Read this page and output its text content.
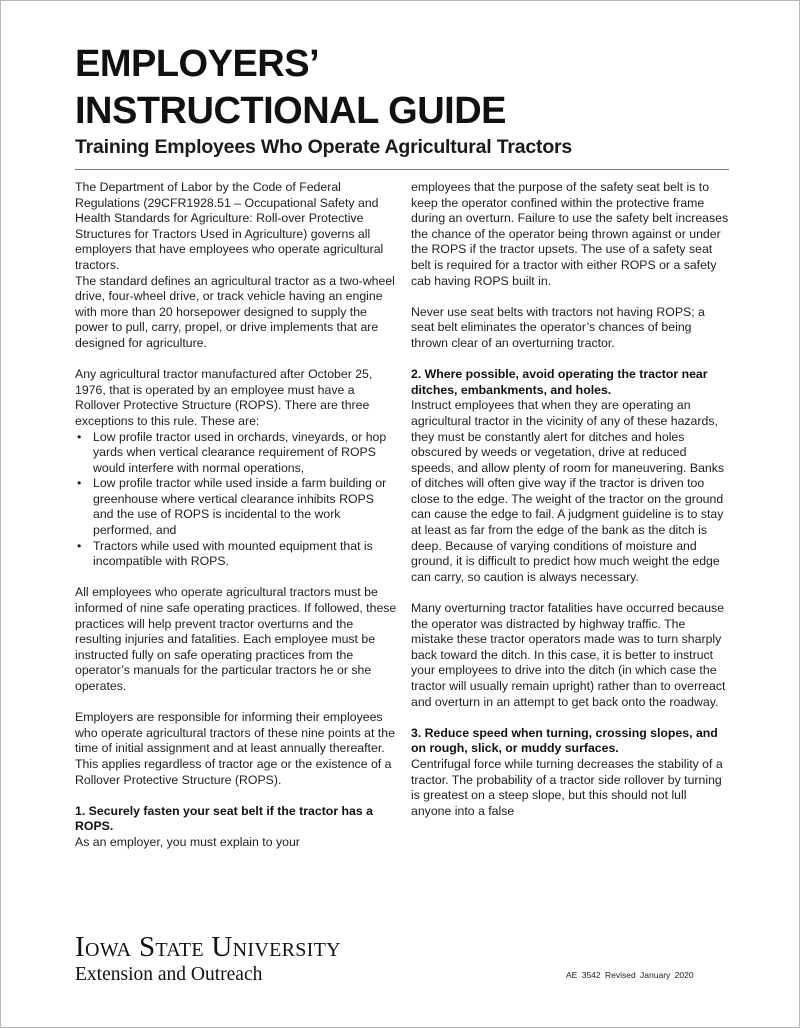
EMPLOYERS’
INSTRUCTIONAL GUIDE
Training Employees Who Operate Agricultural Tractors

The Department of Labor by the Code of Federal Regulations (29CFR1928.51 – Occupational Safety and Health Standards for Agriculture: Roll-over Protective Structures for Tractors Used in Agriculture) governs all employers that have employees who operate agricultural tractors.

The standard defines an agricultural tractor as a two-wheel drive, four-wheel drive, or track vehicle having an engine with more than 20 horsepower designed to supply the power to pull, carry, propel, or drive implements that are designed for agriculture.

Any agricultural tractor manufactured after October 25, 1976, that is operated by an employee must have a Rollover Protective Structure (ROPS). There are three exceptions to this rule. These are:

• Low profile tractor used in orchards, vineyards, or hop yards when vertical clearance requirement of ROPS would interfere with normal operations,
• Low profile tractor while used inside a farm building or greenhouse where vertical clearance inhibits ROPS and the use of ROPS is incidental to the work performed, and
• Tractors while used with mounted equipment that is incompatible with ROPS.

All employees who operate agricultural tractors must be informed of nine safe operating practices. If followed, these practices will help prevent tractor overturns and the resulting injuries and fatalities. Each employee must be instructed fully on safe operating practices from the operator’s manuals for the particular tractors he or she operates.

Employers are responsible for informing their employees who operate agricultural tractors of these nine points at the time of initial assignment and at least annually thereafter. This applies regardless of tractor age or the existence of a Rollover Protective Structure (ROPS).

1. Securely fasten your seat belt if the tractor has a ROPS.

As an employer, you must explain to your

employees that the purpose of the safety seat belt is to keep the operator confined within the protective frame during an overturn. Failure to use the safety belt increases the chance of the operator being thrown against or under the ROPS if the tractor upsets. The use of a safety seat belt is required for a tractor with either ROPS or a safety cab having ROPS built in.

Never use seat belts with tractors not having ROPS; a seat belt eliminates the operator’s chances of being thrown clear of an overturning tractor.

2. Where possible, avoid operating the tractor near ditches, embankments, and holes.

Instruct employees that when they are operating an agricultural tractor in the vicinity of any of these hazards, they must be constantly alert for ditches and holes obscured by weeds or vegetation, drive at reduced speeds, and allow plenty of room for maneuvering. Banks of ditches will often give way if the tractor is driven too close to the edge. The weight of the tractor on the ground can cause the edge to fail. A judgment guideline is to stay at least as far from the edge of the bank as the ditch is deep. Because of varying conditions of moisture and ground, it is difficult to predict how much weight the edge can carry, so caution is always necessary.

Many overturning tractor fatalities have occurred because the operator was distracted by highway traffic. The mistake these tractor operators made was to turn sharply back toward the ditch. In this case, it is better to instruct your employees to drive into the ditch (in which case the tractor will usually remain upright) rather than to overreact and overturn in an attempt to get back onto the roadway.

3. Reduce speed when turning, crossing slopes, and on rough, slick, or muddy surfaces.

Centrifugal force while turning decreases the stability of a tractor. The probability of a tractor side rollover by turning is greatest on a steep slope, but this should not lull anyone into a false

Iowa State University
Extension and Outreach	AE 3542 Revised January 2020
